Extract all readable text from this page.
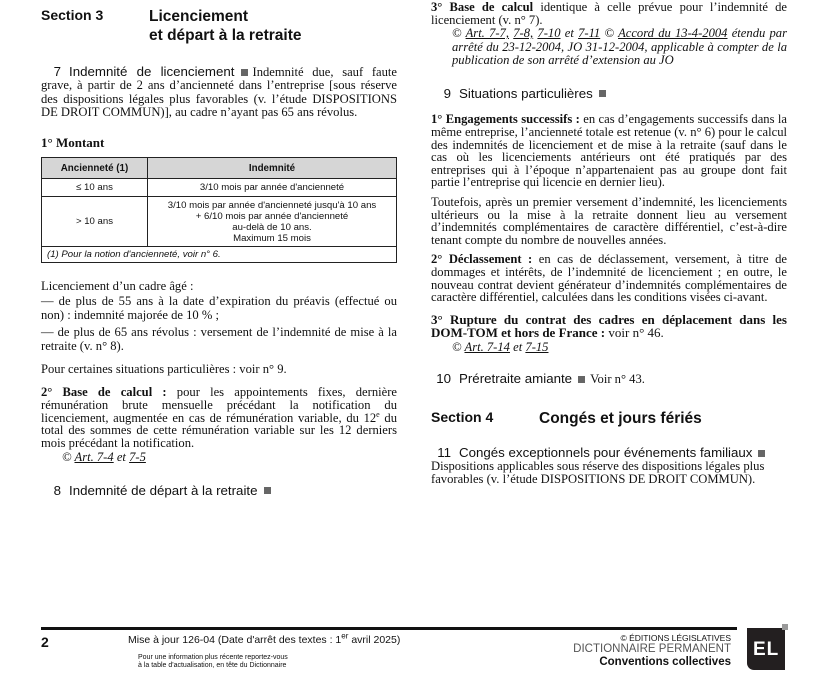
Section 3	Licenciement
et départ à la retraite

7 Indemnité de licenciement Indemnité due, sauf faute grave, à partir de 2 ans d’ancienneté dans l’entreprise [sous réserve des dispositions légales plus favorables (v. l’étude DISPOSITIONS DE DROIT COMMUN)], au cadre n’ayant pas 65 ans révolus.

1° Montant

Ancienneté (1)	Indemnité
≤ 10 ans	3/10 mois par année d'ancienneté
> 10 ans	3/10 mois par année d'ancienneté jusqu'à 10 ans
+ 6/10 mois par année d'ancienneté
au-delà de 10 ans.
Maximum 15 mois

(1) Pour la notion d'ancienneté, voir n° 6.	

Licenciement d’un cadre âgé :

— de plus de 55 ans à la date d’expiration du préavis (effectué ou non) : indemnité majorée de 10 % ;

— de plus de 65 ans révolus : versement de l’indemnité de mise à la retraite (v. n° 8).

Pour certaines situations particulières : voir n° 9.

2° Base de calcul : pour les appointements fixes, dernière rémunération brute mensuelle précédant la notification du licenciement, augmentée en cas de rémunération variable, du 12e du total des sommes de cette rémunération variable sur les 12 derniers mois précédant la notification.

© Art. 7-4 et 7-5

8 Indemnité de départ à la retraite

3° Base de calcul identique à celle prévue pour l’indemnité de licenciement (v. n° 7).

© Art. 7-7, 7-8, 7-10 et 7-11 © Accord du 13-4-2004 étendu par arrêté du 23-12-2004, JO 31-12-2004, applicable à compter de la publication de son arrêté d’extension au JO

9 Situations particulières

1° Engagements successifs : en cas d’engagements successifs dans la même entreprise, l’ancienneté totale est retenue (v. n° 6) pour le calcul des indemnités de licenciement et de mise à la retraite (sauf dans le cas où les licenciements antérieurs ont été pratiqués par des entreprises qui à l’époque n’appartenaient pas au groupe dont fait partie l’entreprise qui licencie en dernier lieu).

Toutefois, après un premier versement d’indemnité, les licenciements ultérieurs ou la mise à la retraite donnent lieu au versement d’indemnités complémentaires de caractère différentiel, c’est-à-dire tenant compte du nombre de nouvelles années.

2° Déclassement : en cas de déclassement, versement, à titre de dommages et intérêts, de l’indemnité de licenciement ; en outre, le nouveau contrat devient générateur d’indemnités complémentaires de caractère différentiel, calculées dans les conditions visées ci-avant.

3° Rupture du contrat des cadres en déplacement dans les DOM-TOM et hors de France : voir n° 46.

© Art. 7-14 et 7-15

10 Préretraite amiante Voir n° 43.

Section 4	Congés et jours fériés

11 Congés exceptionnels pour événements familiaux
Dispositions applicables sous réserve des dispositions légales plus favorables (v. l’étude DISPOSITIONS DE DROIT COMMUN).

2	Mise à jour 126-04 (Date d'arrêt des textes : 1er avril 2025)
Pour une information plus récente reportez-vous
à la table d'actualisation, en tête du Dictionnaire
© ÉDITIONS LÉGISLATIVES
DICTIONNAIRE PERMANENT
Conventions collectives
EL
